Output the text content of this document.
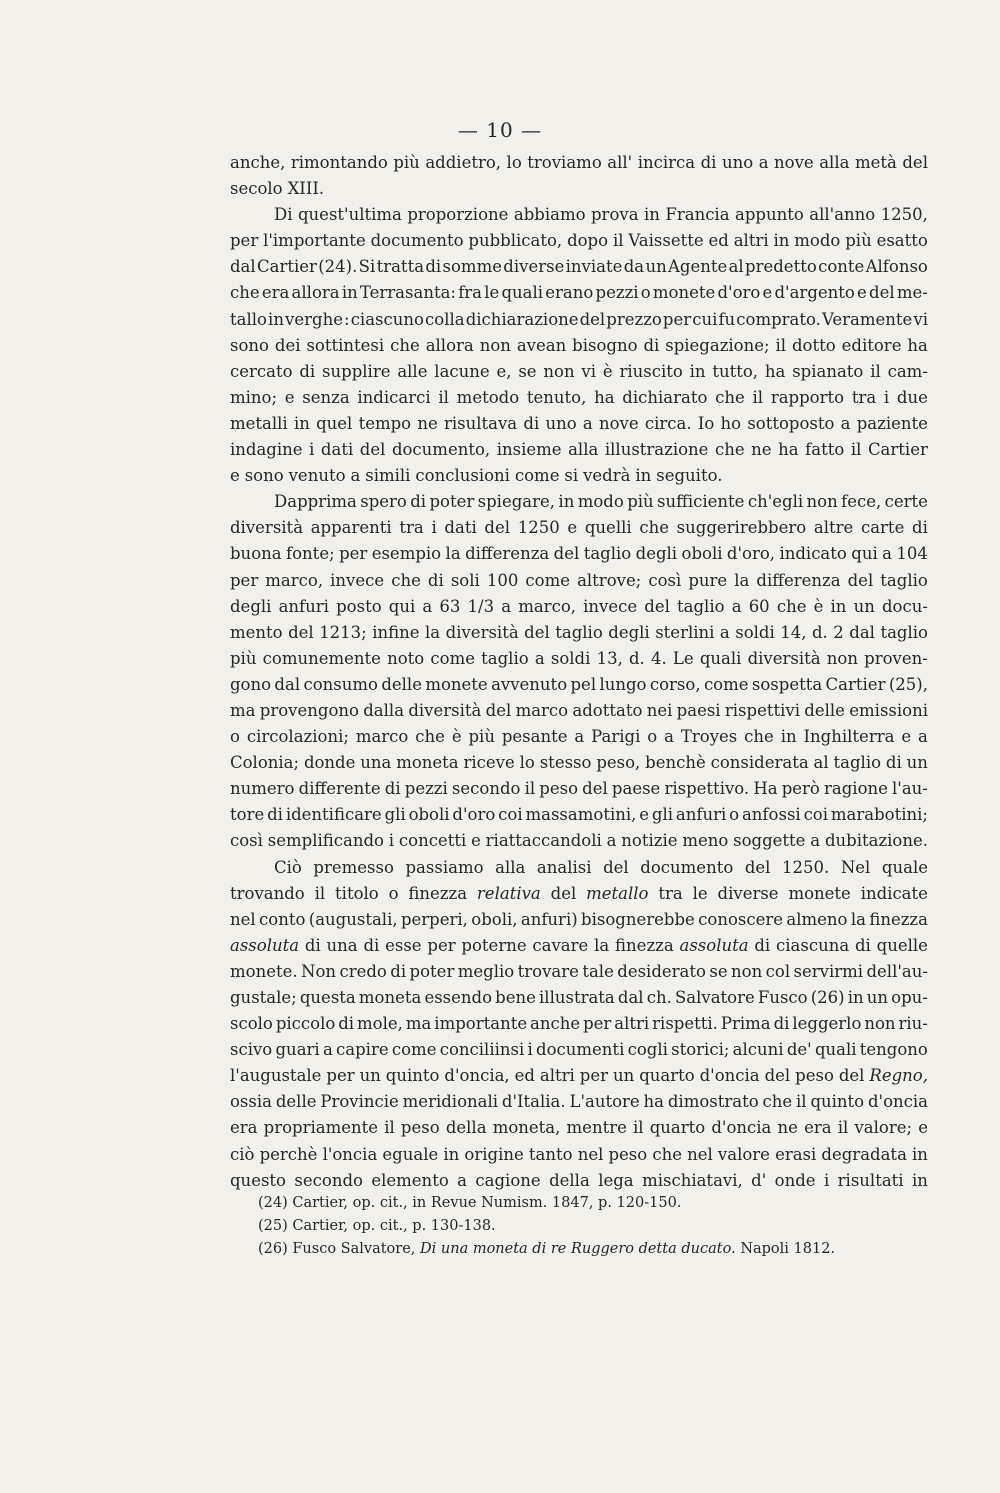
— 10 —
anche, rimontando più addietro, lo troviamo all' incirca di uno a nove alla metà del
secolo XIII.
Di quest'ultima proporzione abbiamo prova in Francia appunto all'anno 1250,
per l'importante documento pubblicato, dopo il Vaissette ed altri in modo più esatto
dal Cartier (24). Si tratta di somme diverse inviate da un Agente al predetto conte Alfonso
che era allora in Terrasanta: fra le quali erano pezzi o monete d'oro e d'argento e del me-
tallo in verghe : ciascuno colla dichiarazione del prezzo per cui fu comprato. Veramente vi
sono dei sottintesi che allora non avean bisogno di spiegazione; il dotto editore ha
cercato di supplire alle lacune e, se non vi è riuscito in tutto, ha spianato il cam-
mino; e senza indicarci il metodo tenuto, ha dichiarato che il rapporto tra i due
metalli in quel tempo ne risultava di uno a nove circa. Io ho sottoposto a paziente
indagine i dati del documento, insieme alla illustrazione che ne ha fatto il Cartier
e sono venuto a simili conclusioni come si vedrà in seguito.
Dapprima spero di poter spiegare, in modo più sufficiente ch'egli non fece, certe
diversità apparenti tra i dati del 1250 e quelli che suggerirebbero altre carte di
buona fonte; per esempio la differenza del taglio degli oboli d'oro, indicato qui a 104
per marco, invece che di soli 100 come altrove; così pure la differenza del taglio
degli anfuri posto qui a 63 1/3 a marco, invece del taglio a 60 che è in un docu-
mento del 1213; infine la diversità del taglio degli sterlini a soldi 14, d. 2 dal taglio
più comunemente noto come taglio a soldi 13, d. 4. Le quali diversità non proven-
gono dal consumo delle monete avvenuto pel lungo corso, come sospetta Cartier (25),
ma provengono dalla diversità del marco adottato nei paesi rispettivi delle emissioni
o circolazioni; marco che è più pesante a Parigi o a Troyes che in Inghilterra e a
Colonia; donde una moneta riceve lo stesso peso, benchè considerata al taglio di un
numero differente di pezzi secondo il peso del paese rispettivo. Ha però ragione l'au-
tore di identificare gli oboli d'oro coi massamotini, e gli anfuri o anfossi coi marabotini;
così semplificando i concetti e riattaccandoli a notizie meno soggette a dubitazione.
Ciò premesso passiamo alla analisi del documento del 1250. Nel quale
trovando il titolo o finezza relativa del metallo tra le diverse monete indicate
nel conto (augustali, perperi, oboli, anfuri) bisognerebbe conoscere almeno la finezza
assoluta di una di esse per poterne cavare la finezza assoluta di ciascuna di quelle
monete. Non credo di poter meglio trovare tale desiderato se non col servirmi dell'au-
gustale; questa moneta essendo bene illustrata dal ch. Salvatore Fusco (26) in un opu-
scolo piccolo di mole, ma importante anche per altri rispetti. Prima di leggerlo non riu-
scivo guari a capire come conciliinsi i documenti cogli storici; alcuni de' quali tengono
l'augustale per un quinto d'oncia, ed altri per un quarto d'oncia del peso del Regno,
ossia delle Provincie meridionali d'Italia. L'autore ha dimostrato che il quinto d'oncia
era propriamente il peso della moneta, mentre il quarto d'oncia ne era il valore; e
ciò perchè l'oncia eguale in origine tanto nel peso che nel valore erasi degradata in
questo secondo elemento a cagione della lega mischiatavi, d' onde i risultati in
(24) Cartier, op. cit., in Revue Numism. 1847, p. 120-150.
(25) Cartier, op. cit., p. 130-138.
(26) Fusco Salvatore, Di una moneta di re Ruggero detta ducato. Napoli 1812.
